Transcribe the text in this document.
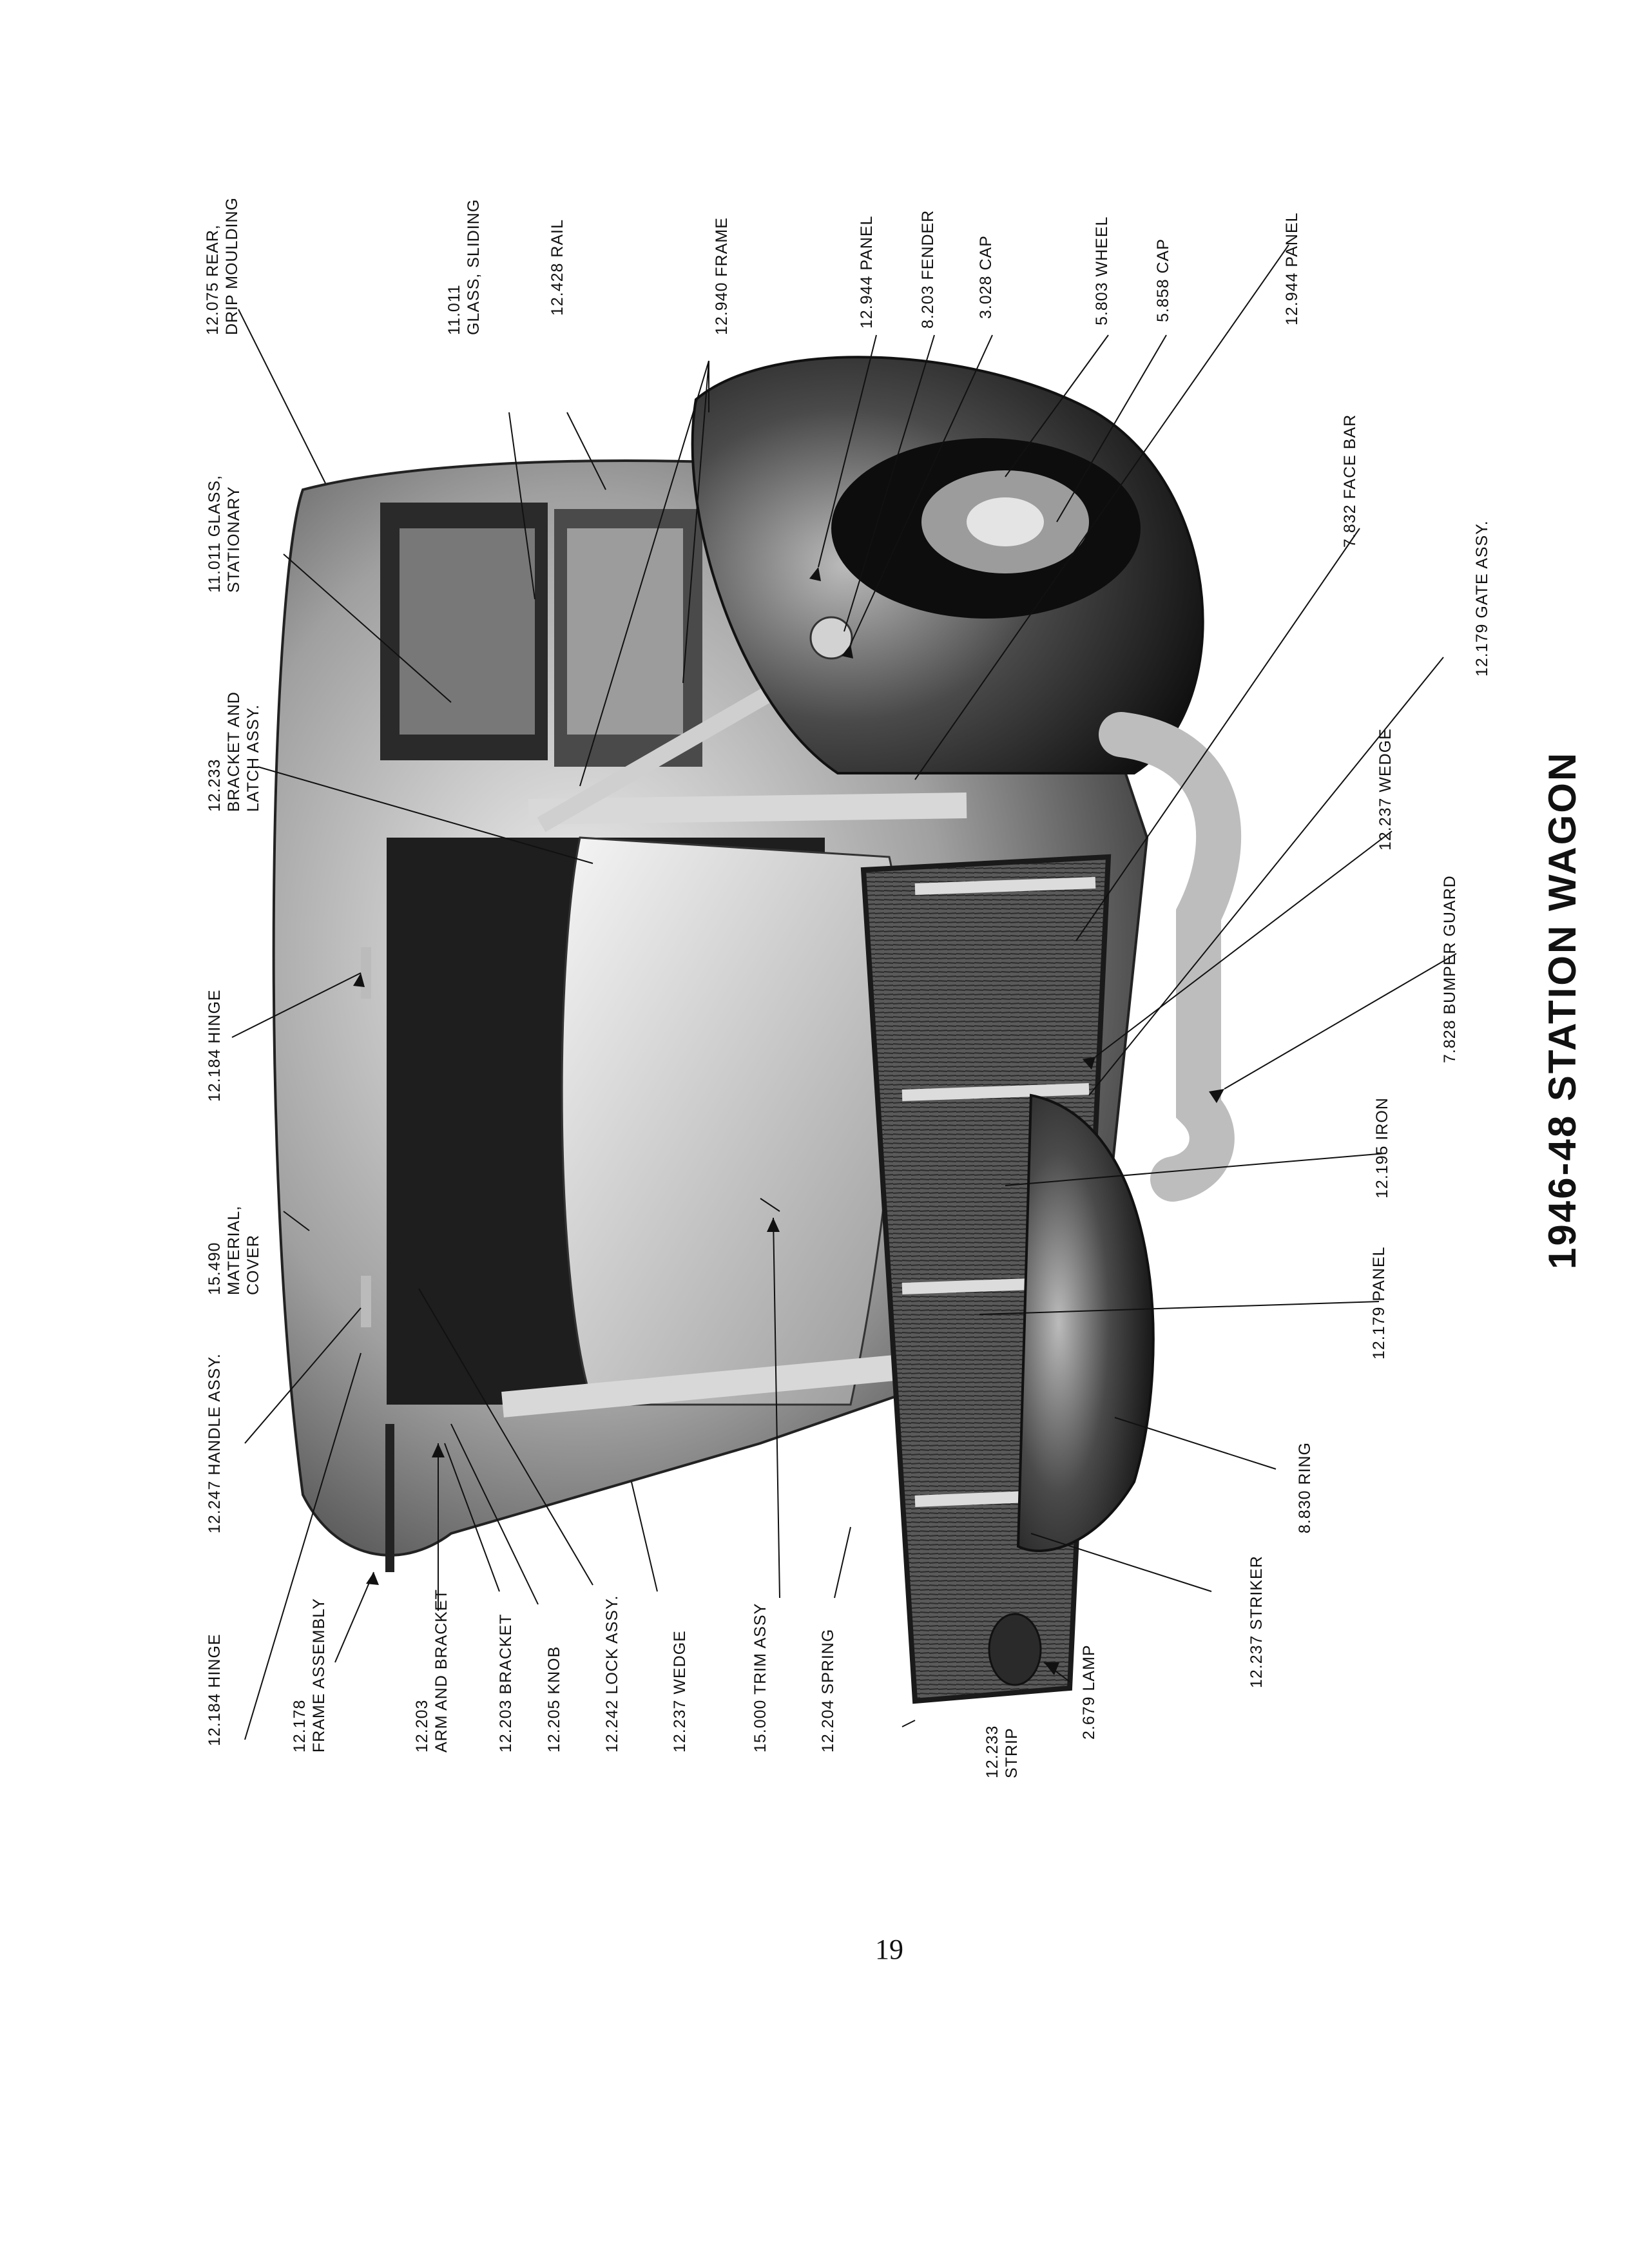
12.075 REAR,
DRIP MOULDING
11.011
GLASS, SLIDING	12.428 RAIL	12.940 FRAME	12.944 PANEL	8.203 FENDER 3.028 CAP	5.803 WHEEL	5.858 CAP	12.944 PANEL
11.011 GLASS,
STATIONARY
12.233
BRACKET AND
LATCH ASSY.
7.832 FACE BAR
12.179 GATE ASSY.
12.237 WEDGE
7.828 BUMPER GUARD
12.184 HINGE
15.490
MATERIAL,
COVER
12.195 IRON
12.179 PANEL
12.247 HANDLE ASSY.	8.830 RING
12.184 HINGE	12.178
FRAME ASSEMBLY
12.203
ARM AND BRACKET	12.203 BRACKET 12.205 KNOB 12.242 LOCK ASSY.	12.237 WEDGE	15.000 TRIM ASSY	12.204 SPRING	12.233
STRIP
2.679 LAMP
12.237 STRIKER
1946-48 STATION WAGON
19
